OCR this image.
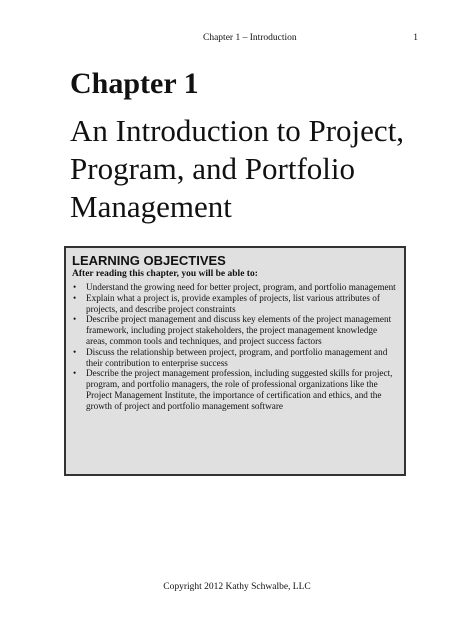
Chapter 1 – Introduction	1
Chapter 1
An Introduction to Project, Program, and Portfolio Management
LEARNING OBJECTIVES
After reading this chapter, you will be able to:
• Understand the growing need for better project, program, and portfolio management
• Explain what a project is, provide examples of projects, list various attributes of projects, and describe project constraints
• Describe project management and discuss key elements of the project management framework, including project stakeholders, the project management knowledge areas, common tools and techniques, and project success factors
• Discuss the relationship between project, program, and portfolio management and their contribution to enterprise success
• Describe the project management profession, including suggested skills for project, program, and portfolio managers, the role of professional organizations like the Project Management Institute, the importance of certification and ethics, and the growth of project and portfolio management software
Copyright 2012 Kathy Schwalbe, LLC
